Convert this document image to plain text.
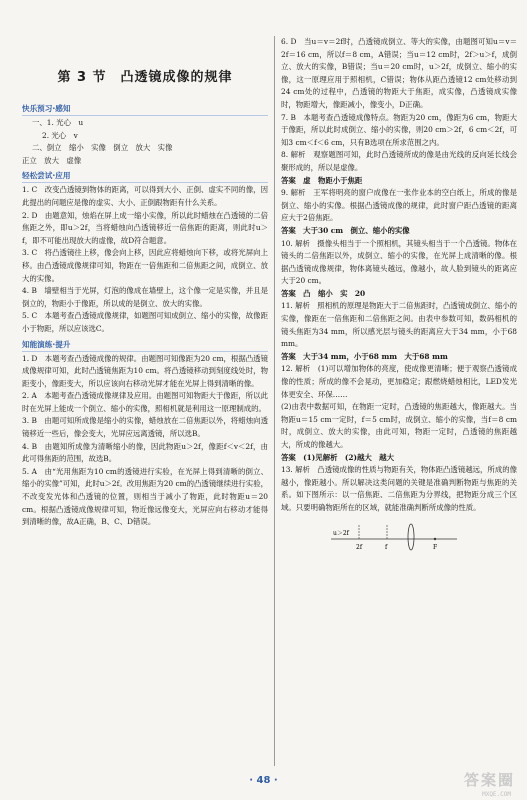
第 3 节　凸透镜成像的规律
快乐预习·感知

一、1. 光心　u

2. 光心　v

二、倒立　缩小　实像　倒立　放大　实像

正立　放大　虚像

轻松尝试·应用

1. C　改变凸透镜到物体的距离，可以得到大小、正倒、虚实不同的像，因此提出的问题应是像的虚实、大小、正倒跟物距有什么关系。

2. D　由题意知，烛焰在屏上成一缩小实像，所以此时蜡烛在凸透镜的二倍焦距之外，即u＞2f，当将蜡烛向凸透镜移近一倍焦距的距离，则此时u＞f，即不可能出现放大的虚像，故D符合题意。

3. C　将凸透镜往上移，像会向上移，因此应将蜡烛向下移，或将光屏向上移。由凸透镜成像规律可知，物距在一倍焦距和二倍焦距之间，成倒立、放大的实像。

4. B　墙壁相当于光屏，灯泡的像成在墙壁上，这个像一定是实像，并且是倒立的，物距小于像距，所以成的是倒立、放大的实像。

5. C　本题考查凸透镜成像规律，如题图可知成倒立、缩小的实像，故像距小于物距，所以应该选C。

知能演练·提升

1. D　本题考查凸透镜成像的规律。由题图可知像距为20 cm，根据凸透镜成像规律可知，此时凸透镜焦距为10 cm。将凸透镜移动到刻度线处时，物距变小，像距变大，所以应该向右移动光屏才能在光屏上得到清晰的像。

2. A　本题考查凸透镜成像规律及应用。由题图可知物距大于像距，所以此时在光屏上能成一个倒立、缩小的实像，照相机就是利用这一原理制成的。

3. B　由题可知所成像是缩小的实像，蜡烛放在二倍焦距以外，将蜡烛向透镜移近一些后，像会变大，光屏应远离透镜，所以选B。

4. B　由题知所成像为清晰缩小的像，因此物距u＞2f，像距f＜v＜2f，由此可得焦距的范围，故选B。

5. A　由“光用焦距为10 cm的透镜进行实验，在光屏上得到清晰的倒立、缩小的实像”可知，此时u＞2f。改用焦距为20 cm的凸透镜继续进行实验，不改变发光体和凸透镜的位置，则相当于减小了物距，此时物距u＝20 cm。根据凸透镜成像规律可知，物近像远像变大，光屏应向右移动才能得到清晰的像，故A正确，B、C、D错误。

6. D　当u＝v＝2f时，凸透镜成倒立、等大的实像，由题图可知u＝v＝2f＝16 cm，所以f＝8 cm，A错误；当u＝12 cm时，2f＞u＞f，成倒立、放大的实像，B错误；当u＝20 cm时，u＞2f，成倒立、缩小的实像，这一原理应用于照相机，C错误；物体从距凸透镜12 cm处移动到24 cm处的过程中，凸透镜的物距大于焦距，成实像，凸透镜成实像时，物距增大，像距减小，像变小，D正确。

7. B　本题考查凸透镜成像特点。物距为20 cm，像距为6 cm，物距大于像距，所以此时成倒立、缩小的实像，则20 cm＞2f，6 cm＜2f，可知3 cm＜f＜6 cm，只有B选项在所求范围之内。

8. 解析　观察题图可知，此时凸透镜所成的像是由光线的反向延长线会聚形成的，所以是虚像。

答案　虚　物距小于焦距

9. 解析　王军将明亮的窗户成像在一张作业本的空白纸上，所成的像是倒立、缩小的实像。根据凸透镜成像的规律，此时窗户距凸透镜的距离应大于2倍焦距。

答案　大于30 cm　倒立、缩小的实像

10. 解析　摄像头相当于一个照相机，其镜头相当于一个凸透镜。物体在镜头的二倍焦距以外，成倒立、缩小的实像，在光屏上成清晰的像。根据凸透镜成像规律，物体离镜头越远，像越小，故人脸到镜头的距离应大于20 cm。

答案　凸　缩小　实　20

11. 解析　照相机的原理是物距大于二倍焦距时，凸透镜成倒立、缩小的实像，像距在一倍焦距和二倍焦距之间。由表中参数可知，数码相机的镜头焦距为34 mm，所以感光层与镜头的距离应大于34 mm，小于68 mm。

答案　大于34 mm，小于68 mm　大于68 mm

12. 解析　(1)可以增加物体的亮度，使成像更清晰；便于观察凸透镜成像的性质；所成的像不会晃动，更加稳定；跟燃烧蜡烛相比，LED发光体更安全、环保……

(2)由表中数据可知，在物距一定时，凸透镜的焦距越大，像距越大。当物距u＝15 cm一定时，f＝5 cm时，成倒立、缩小的实像，当f＝8 cm时，成倒立、放大的实像，由此可知，物距一定时，凸透镜的焦距越大，所成的像越大。

答案　(1)见解析　(2)越大　越大

13. 解析　凸透镜成像的性质与物距有关，物体距凸透镜越远，所成的像越小，像距越小。所以解决这类问题的关键是准确判断物距与焦距的关系。如下图所示：以一倍焦距、二倍焦距为分界线，把物距分成三个区域。只要明确物距所在的区域，就能准确判断所成像的性质。

u＞2f
2f	f	F
· 48 ·	答案圈
MXQE.COM
